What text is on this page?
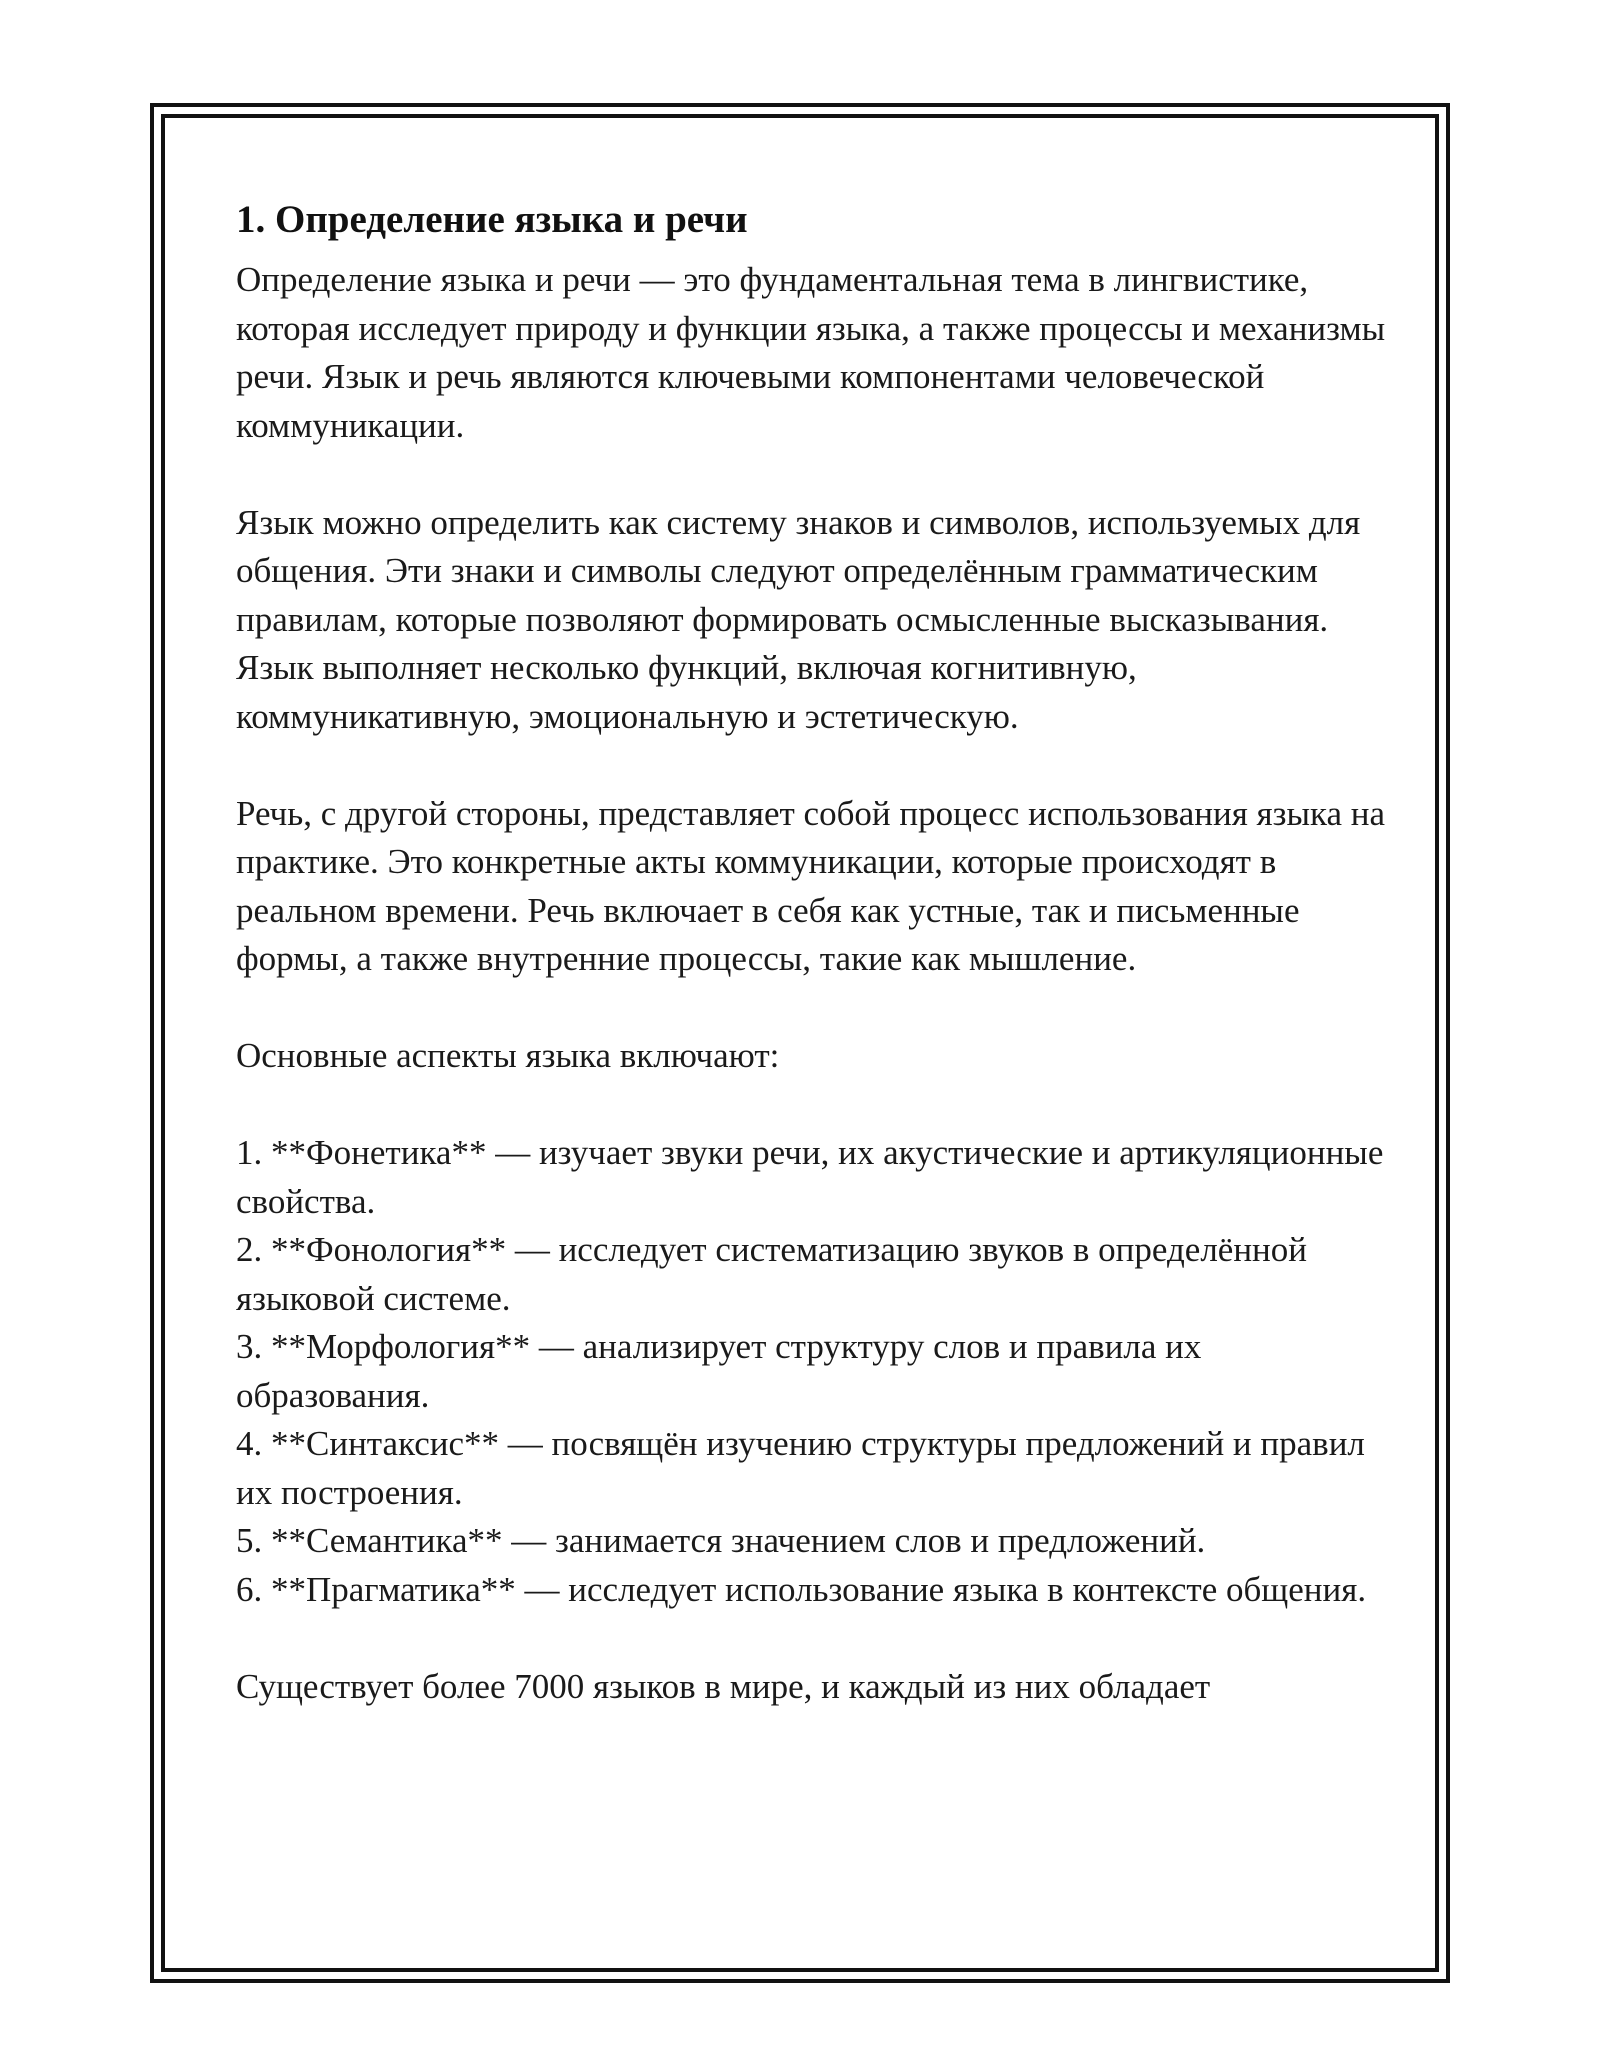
1. Определение языка и речи

Определение языка и речи — это фундаментальная тема в лингвистике, которая исследует природу и функции языка, а также процессы и механизмы речи. Язык и речь являются ключевыми компонентами человеческой коммуникации.

Язык можно определить как систему знаков и символов, используемых для общения. Эти знаки и символы следуют определённым грамматическим правилам, которые позволяют формировать осмысленные высказывания. Язык выполняет несколько функций, включая когнитивную, коммуникативную, эмоциональную и эстетическую.

Речь, с другой стороны, представляет собой процесс использования языка на практике. Это конкретные акты коммуникации, которые происходят в реальном времени. Речь включает в себя как устные, так и письменные формы, а также внутренние процессы, такие как мышление.

Основные аспекты языка включают:

1. **Фонетика** — изучает звуки речи, их акустические и артикуляционные свойства.
2. **Фонология** — исследует систематизацию звуков в определённой языковой системе.
3. **Морфология** — анализирует структуру слов и правила их образования.
4. **Синтаксис** — посвящён изучению структуры предложений и правил их построения.
5. **Семантика** — занимается значением слов и предложений.
6. **Прагматика** — исследует использование языка в контексте общения.

Существует более 7000 языков в мире, и каждый из них обладает
